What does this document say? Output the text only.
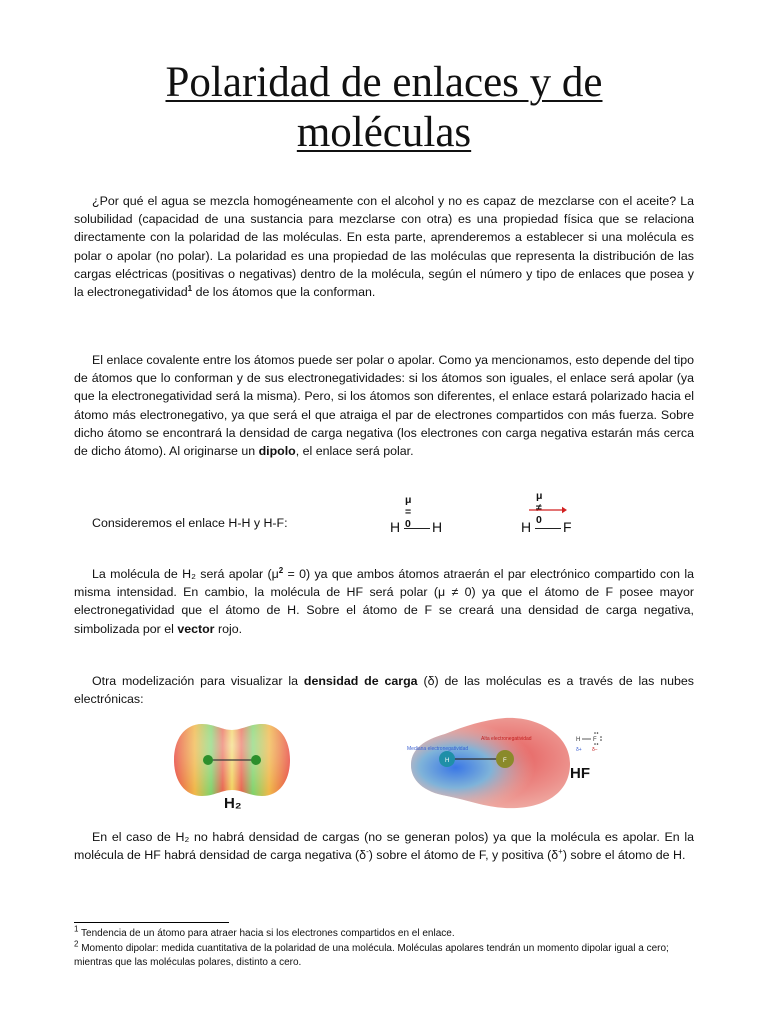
Polaridad de enlaces y de moléculas

¿Por qué el agua se mezcla homogéneamente con el alcohol y no es capaz de mezclarse con el aceite? La solubilidad (capacidad de una sustancia para mezclarse con otra) es una propiedad física que se relaciona directamente con la polaridad de las moléculas. En esta parte, aprenderemos a establecer si una molécula es polar o apolar (no polar). La polaridad es una propiedad de las moléculas que representa la distribución de las cargas eléctricas (positivas o negativas) dentro de la molécula, según el número y tipo de enlaces que posea y la electronegatividad$^1$ de los átomos que la conforman.

El enlace covalente entre los átomos puede ser polar o apolar. Como ya mencionamos, esto depende del tipo de átomos que lo conforman y de sus electronegatividades: si los átomos son iguales, el enlace será apolar (ya que la electronegatividad será la misma). Pero, si los átomos son diferentes, el enlace estará polarizado hacia el átomo más electronegativo, ya que será el que atraiga el par de electrones compartidos con más fuerza. Sobre dicho átomo se encontrará la densidad de carga negativa (los electrones con carga negativa estarán más cerca de dicho átomo). Al originarse un dipolo, el enlace será polar.

Consideremos el enlace H-H y H-F:

μ = 0
μ ≠ 0
H H	H F

La molécula de H₂ será apolar $(\mu^2 = 0)$ ya que ambos átomos atraerán el par electrónico compartido con la misma intensidad. En cambio, la molécula de HF será polar (μ ≠ 0) ya que el átomo de F posee mayor electronegatividad que el átomo de H. Sobre el átomo de F se creará una densidad de carga negativa, simbolizada por el vector rojo.

Otra modelización para visualizar la densidad de carga (δ) de las moléculas es a través de las nubes electrónicas:

H₂
H	F
Mediana electronegatividad
Alta electronegatividad	H F
δ+ δ−
HF

En el caso de H₂ no habrá densidad de cargas (no se generan polos) ya que la molécula es apolar. En la molécula de HF habrá densidad de carga negativa (δ-) sobre el átomo de F, y positiva (δ+) sobre el átomo de H.

$^1$ Tendencia de un átomo para atraer hacia si los electrones compartidos en el enlace.

$^2$ Momento dipolar: medida cuantitativa de la polaridad de una molécula. Moléculas apolares tendrán un momento dipolar igual a cero; mientras que las moléculas polares, distinto a cero.
